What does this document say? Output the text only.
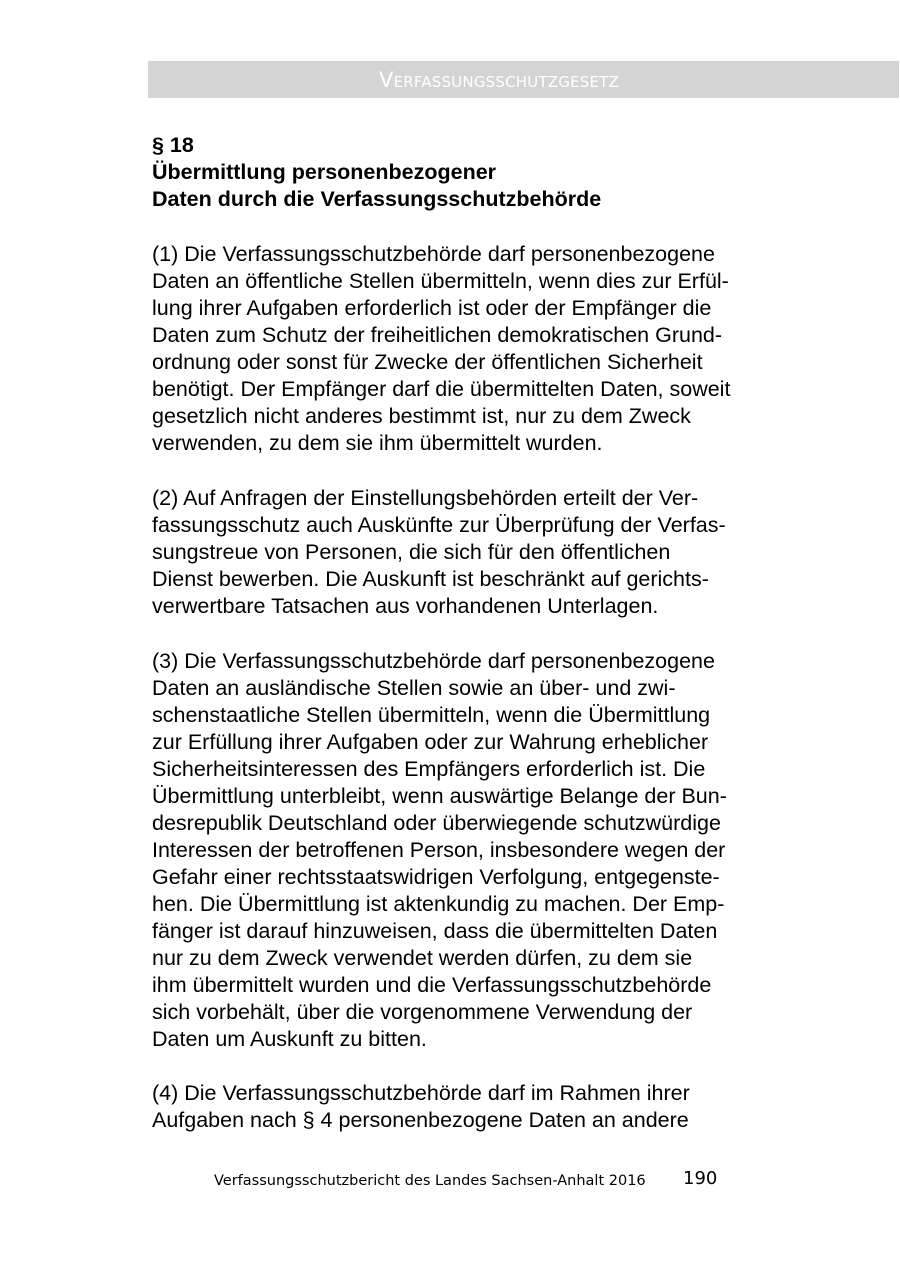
Verfassungsschutzgesetz
§ 18
Übermittlung personenbezogener
Daten durch die Verfassungsschutzbehörde
(1) Die Verfassungsschutzbehörde darf personenbezogene
Daten an öffentliche Stellen übermitteln, wenn dies zur Erfül-
lung ihrer Aufgaben erforderlich ist oder der Empfänger die
Daten zum Schutz der freiheitlichen demokratischen Grund-
ordnung oder sonst für Zwecke der öffentlichen Sicherheit
benötigt. Der Empfänger darf die übermittelten Daten, soweit
gesetzlich nicht anderes bestimmt ist, nur zu dem Zweck
verwenden, zu dem sie ihm übermittelt wurden.
(2) Auf Anfragen der Einstellungsbehörden erteilt der Ver-
fassungsschutz auch Auskünfte zur Überprüfung der Verfas-
sungstreue von Personen, die sich für den öffentlichen
Dienst bewerben. Die Auskunft ist beschränkt auf gerichts-
verwertbare Tatsachen aus vorhandenen Unterlagen.
(3) Die Verfassungsschutzbehörde darf personenbezogene
Daten an ausländische Stellen sowie an über- und zwi-
schenstaatliche Stellen übermitteln, wenn die Übermittlung
zur Erfüllung ihrer Aufgaben oder zur Wahrung erheblicher
Sicherheitsinteressen des Empfängers erforderlich ist. Die
Übermittlung unterbleibt, wenn auswärtige Belange der Bun-
desrepublik Deutschland oder überwiegende schutzwürdige
Interessen der betroffenen Person, insbesondere wegen der
Gefahr einer rechtsstaatswidrigen Verfolgung, entgegenste-
hen. Die Übermittlung ist aktenkundig zu machen. Der Emp-
fänger ist darauf hinzuweisen, dass die übermittelten Daten
nur zu dem Zweck verwendet werden dürfen, zu dem sie
ihm übermittelt wurden und die Verfassungsschutzbehörde
sich vorbehält, über die vorgenommene Verwendung der
Daten um Auskunft zu bitten.
(4) Die Verfassungsschutzbehörde darf im Rahmen ihrer
Aufgaben nach § 4 personenbezogene Daten an andere
Verfassungsschutzbericht des Landes Sachsen-Anhalt 2016 190
